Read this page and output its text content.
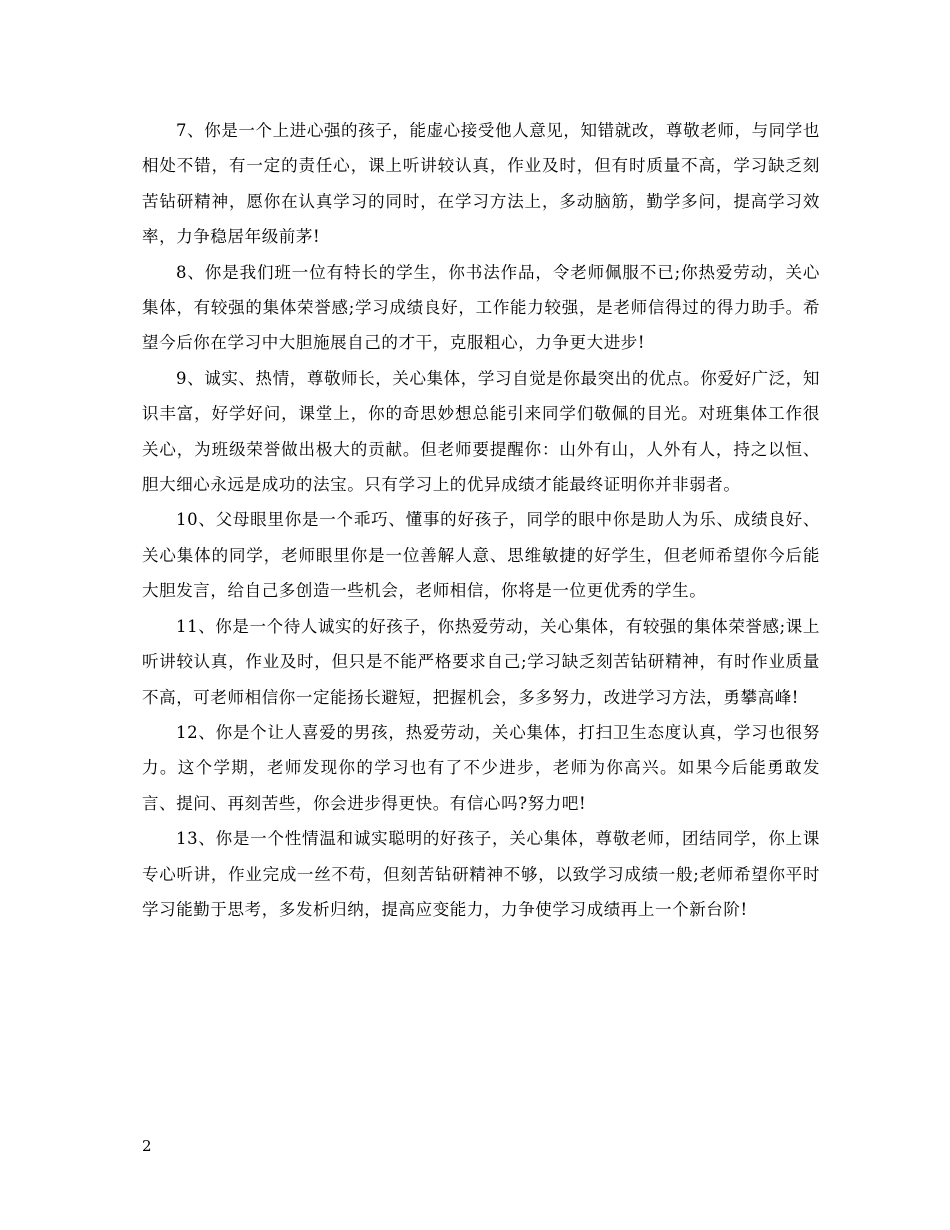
7、你是一个上进心强的孩子，能虚心接受他人意见，知错就改，尊敬老师，与同学也相处不错，有一定的责任心，课上听讲较认真，作业及时，但有时质量不高，学习缺乏刻苦钻研精神，愿你在认真学习的同时，在学习方法上，多动脑筋，勤学多问，提高学习效率，力争稳居年级前茅!

8、你是我们班一位有特长的学生，你书法作品，令老师佩服不已;你热爱劳动，关心集体，有较强的集体荣誉感;学习成绩良好，工作能力较强，是老师信得过的得力助手。希望今后你在学习中大胆施展自己的才干，克服粗心，力争更大进步!

9、诚实、热情，尊敬师长，关心集体，学习自觉是你最突出的优点。你爱好广泛，知识丰富，好学好问，课堂上，你的奇思妙想总能引来同学们敬佩的目光。对班集体工作很关心，为班级荣誉做出极大的贡献。但老师要提醒你：山外有山，人外有人，持之以恒、胆大细心永远是成功的法宝。只有学习上的优异成绩才能最终证明你并非弱者。

10、父母眼里你是一个乖巧、懂事的好孩子，同学的眼中你是助人为乐、成绩良好、关心集体的同学，老师眼里你是一位善解人意、思维敏捷的好学生，但老师希望你今后能大胆发言，给自己多创造一些机会，老师相信，你将是一位更优秀的学生。

11、你是一个待人诚实的好孩子，你热爱劳动，关心集体，有较强的集体荣誉感;课上听讲较认真，作业及时，但只是不能严格要求自己;学习缺乏刻苦钻研精神，有时作业质量不高，可老师相信你一定能扬长避短，把握机会，多多努力，改进学习方法，勇攀高峰!

12、你是个让人喜爱的男孩，热爱劳动，关心集体，打扫卫生态度认真，学习也很努力。这个学期，老师发现你的学习也有了不少进步，老师为你高兴。如果今后能勇敢发言、提问、再刻苦些，你会进步得更快。有信心吗?努力吧!

13、你是一个性情温和诚实聪明的好孩子，关心集体，尊敬老师，团结同学，你上课专心听讲，作业完成一丝不苟，但刻苦钻研精神不够，以致学习成绩一般;老师希望你平时学习能勤于思考，多发析归纳，提高应变能力，力争使学习成绩再上一个新台阶!

2
